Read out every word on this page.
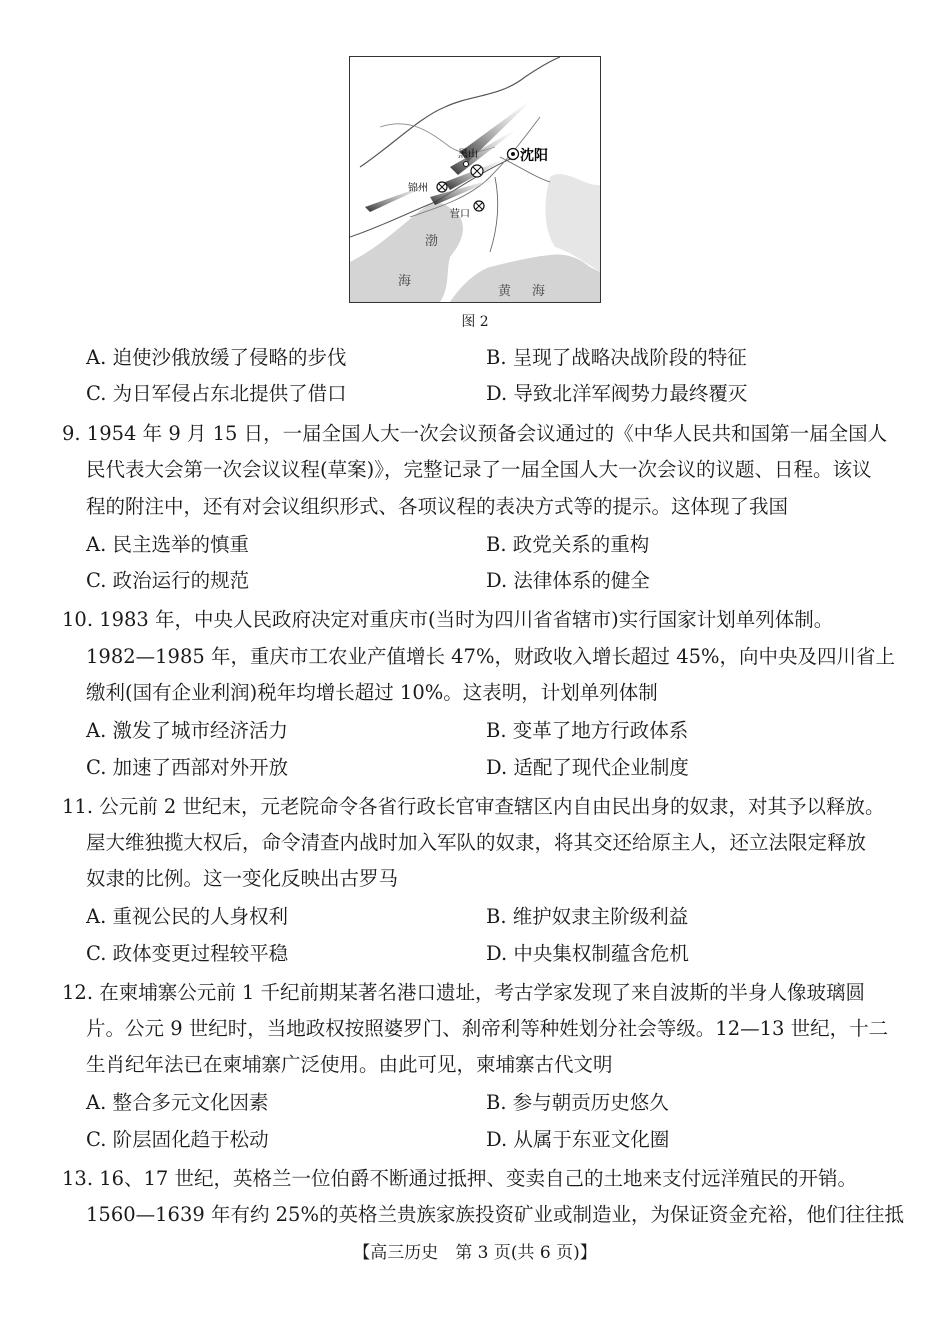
沈阳
黑山
锦州
营口
渤
海
黄 海
图 2
A. 迫使沙俄放缓了侵略的步伐	B. 呈现了战略决战阶段的特征
C. 为日军侵占东北提供了借口	D. 导致北洋军阀势力最终覆灭
9. 1954 年 9 月 15 日，一届全国人大一次会议预备会议通过的《中华人民共和国第一届全国人
民代表大会第一次会议议程(草案)》，完整记录了一届全国人大一次会议的议题、日程。该议
程的附注中，还有对会议组织形式、各项议程的表决方式等的提示。这体现了我国
A. 民主选举的慎重	B. 政党关系的重构
C. 政治运行的规范	D. 法律体系的健全
10. 1983 年，中央人民政府决定对重庆市(当时为四川省省辖市)实行国家计划单列体制。
1982—1985 年，重庆市工农业产值增长 47%，财政收入增长超过 45%，向中央及四川省上
缴利(国有企业利润)税年均增长超过 10%。这表明，计划单列体制
A. 激发了城市经济活力	B. 变革了地方行政体系
C. 加速了西部对外开放	D. 适配了现代企业制度
11. 公元前 2 世纪末，元老院命令各省行政长官审查辖区内自由民出身的奴隶，对其予以释放。
屋大维独揽大权后，命令清查内战时加入军队的奴隶，将其交还给原主人，还立法限定释放
奴隶的比例。这一变化反映出古罗马
A. 重视公民的人身权利	B. 维护奴隶主阶级利益
C. 政体变更过程较平稳	D. 中央集权制蕴含危机
12. 在柬埔寨公元前 1 千纪前期某著名港口遗址，考古学家发现了来自波斯的半身人像玻璃圆
片。公元 9 世纪时，当地政权按照婆罗门、刹帝利等种姓划分社会等级。12—13 世纪，十二
生肖纪年法已在柬埔寨广泛使用。由此可见，柬埔寨古代文明
A. 整合多元文化因素	B. 参与朝贡历史悠久
C. 阶层固化趋于松动	D. 从属于东亚文化圈
13. 16、17 世纪，英格兰一位伯爵不断通过抵押、变卖自己的土地来支付远洋殖民的开销。
1560—1639 年有约 25%的英格兰贵族家族投资矿业或制造业，为保证资金充裕，他们往往抵
【高三历史　第 3 页(共 6 页)】
